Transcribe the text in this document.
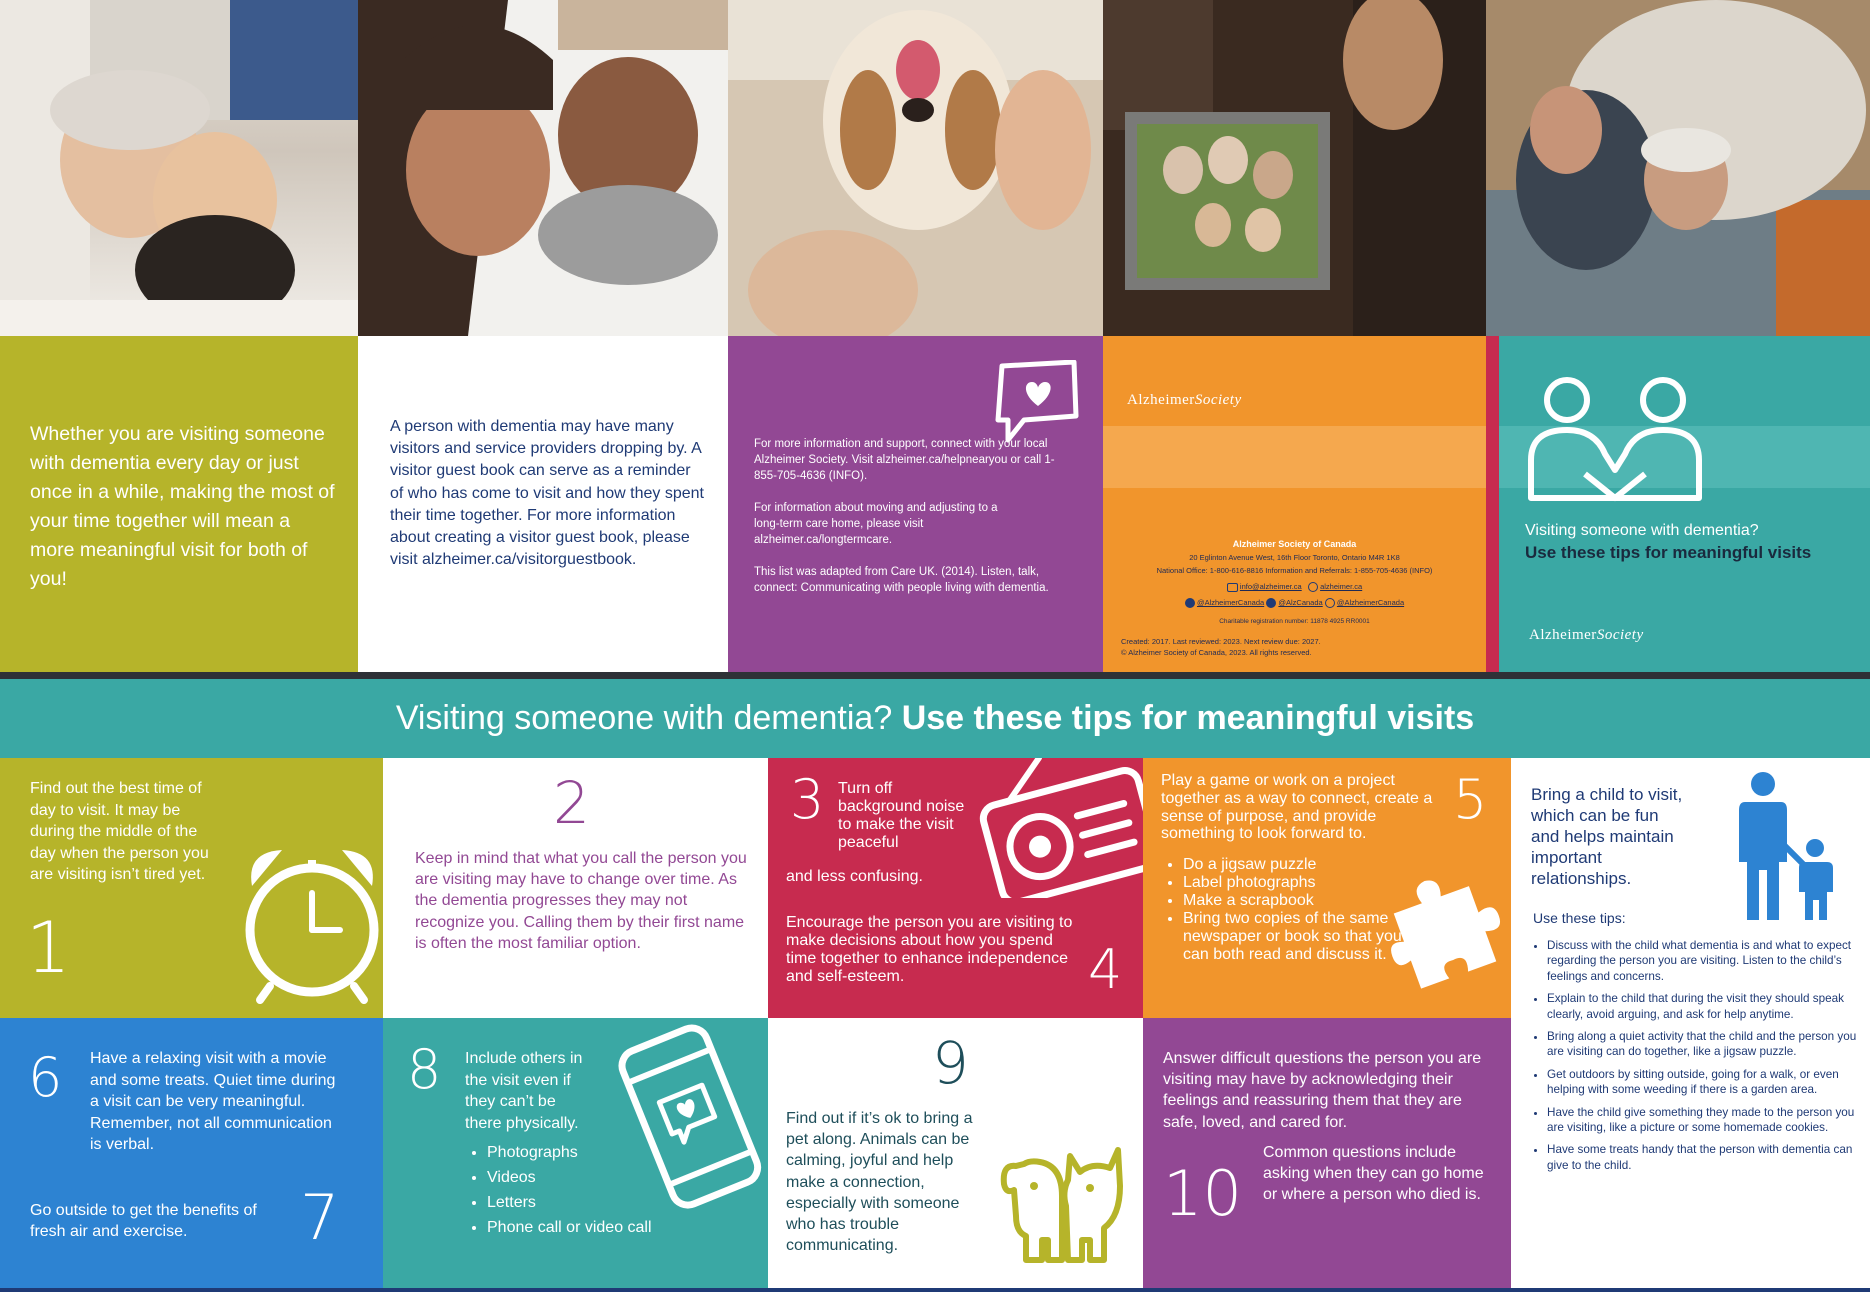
Whether you are visiting someone with dementia every day or just once in a while, making the most of your time together will mean a more meaningful visit for both of you!
A person with dementia may have many visitors and service providers dropping by. A visitor guest book can serve as a reminder of who has come to visit and how they spent their time together. For more information about creating a visitor guest book, please visit alzheimer.ca/visitorguestbook.
For more information and support, connect with your local Alzheimer Society. Visit alzheimer.ca/helpnearyou or call 1-855-705-4636 (INFO).
For information about moving and adjusting to a long-term care home, please visit alzheimer.ca/longtermcare.
This list was adapted from Care UK. (2014). Listen, talk, connect: Communicating with people living with dementia.
AlzheimerSociety
Alzheimer Society of Canada
20 Eglinton Avenue West, 16th Floor Toronto, Ontario M4R 1K8
National Office: 1-800-616-8816 Information and Referrals: 1-855-705-4636 (INFO)
info@alzheimer.ca alzheimer.ca
@AlzheimerCanada @AlzCanada @AlzheimerCanada
Charitable registration number: 11878 4925 RR0001
Created: 2017. Last reviewed: 2023. Next review due: 2027.
© Alzheimer Society of Canada, 2023. All rights reserved.
Visiting someone with dementia?
Use these tips for meaningful visits
AlzheimerSociety
Visiting someone with dementia? Use these tips for meaningful visits
Find out the best time of day to visit. It may be during the middle of the day when the person you are visiting isn’t tired yet.
1
2
Keep in mind that what you call the person you are visiting may have to change over time. As the dementia progresses they may not recognize you. Calling them by their first name is often the most familiar option.
3 Turn off background noise to make the visit peaceful
and less confusing.
Encourage the person you are visiting to make decisions about how you spend time together to enhance independence and self-esteem.	4
5
Play a game or work on a project together as a way to connect, create a sense of purpose, and provide something to look forward to.
• Do a jigsaw puzzle
• Label photographs
• Make a scrapbook
• Bring two copies of the same newspaper or book so that you can both read and discuss it.
Bring a child to visit, which can be fun and helps maintain important relationships.
Use these tips:
• Discuss with the child what dementia is and what to expect regarding the person you are visiting. Listen to the child’s feelings and concerns.
• Explain to the child that during the visit they should speak clearly, avoid arguing, and ask for help anytime.
• Bring along a quiet activity that the child and the person you are visiting can do together, like a jigsaw puzzle.
• Get outdoors by sitting outside, going for a walk, or even helping with some weeding if there is a garden area.
• Have the child give something they made to the person you are visiting, like a picture or some homemade cookies.
• Have some treats handy that the person with dementia can give to the child.
6 Have a relaxing visit with a movie and some treats. Quiet time during a visit can be very meaningful. Remember, not all communication is verbal.
Go outside to get the benefits of fresh air and exercise.	7
8 Include others in the visit even if they can’t be there physically.
• Photographs
• Videos
• Letters
• Phone call or video call
9
Find out if it’s ok to bring a pet along. Animals can be calming, joyful and help make a connection, especially with someone who has trouble communicating.
Answer difficult questions the person you are visiting may have by acknowledging their feelings and reassuring them that they are safe, loved, and cared for.
10
Common questions include asking when they can go home or where a person who died is.
